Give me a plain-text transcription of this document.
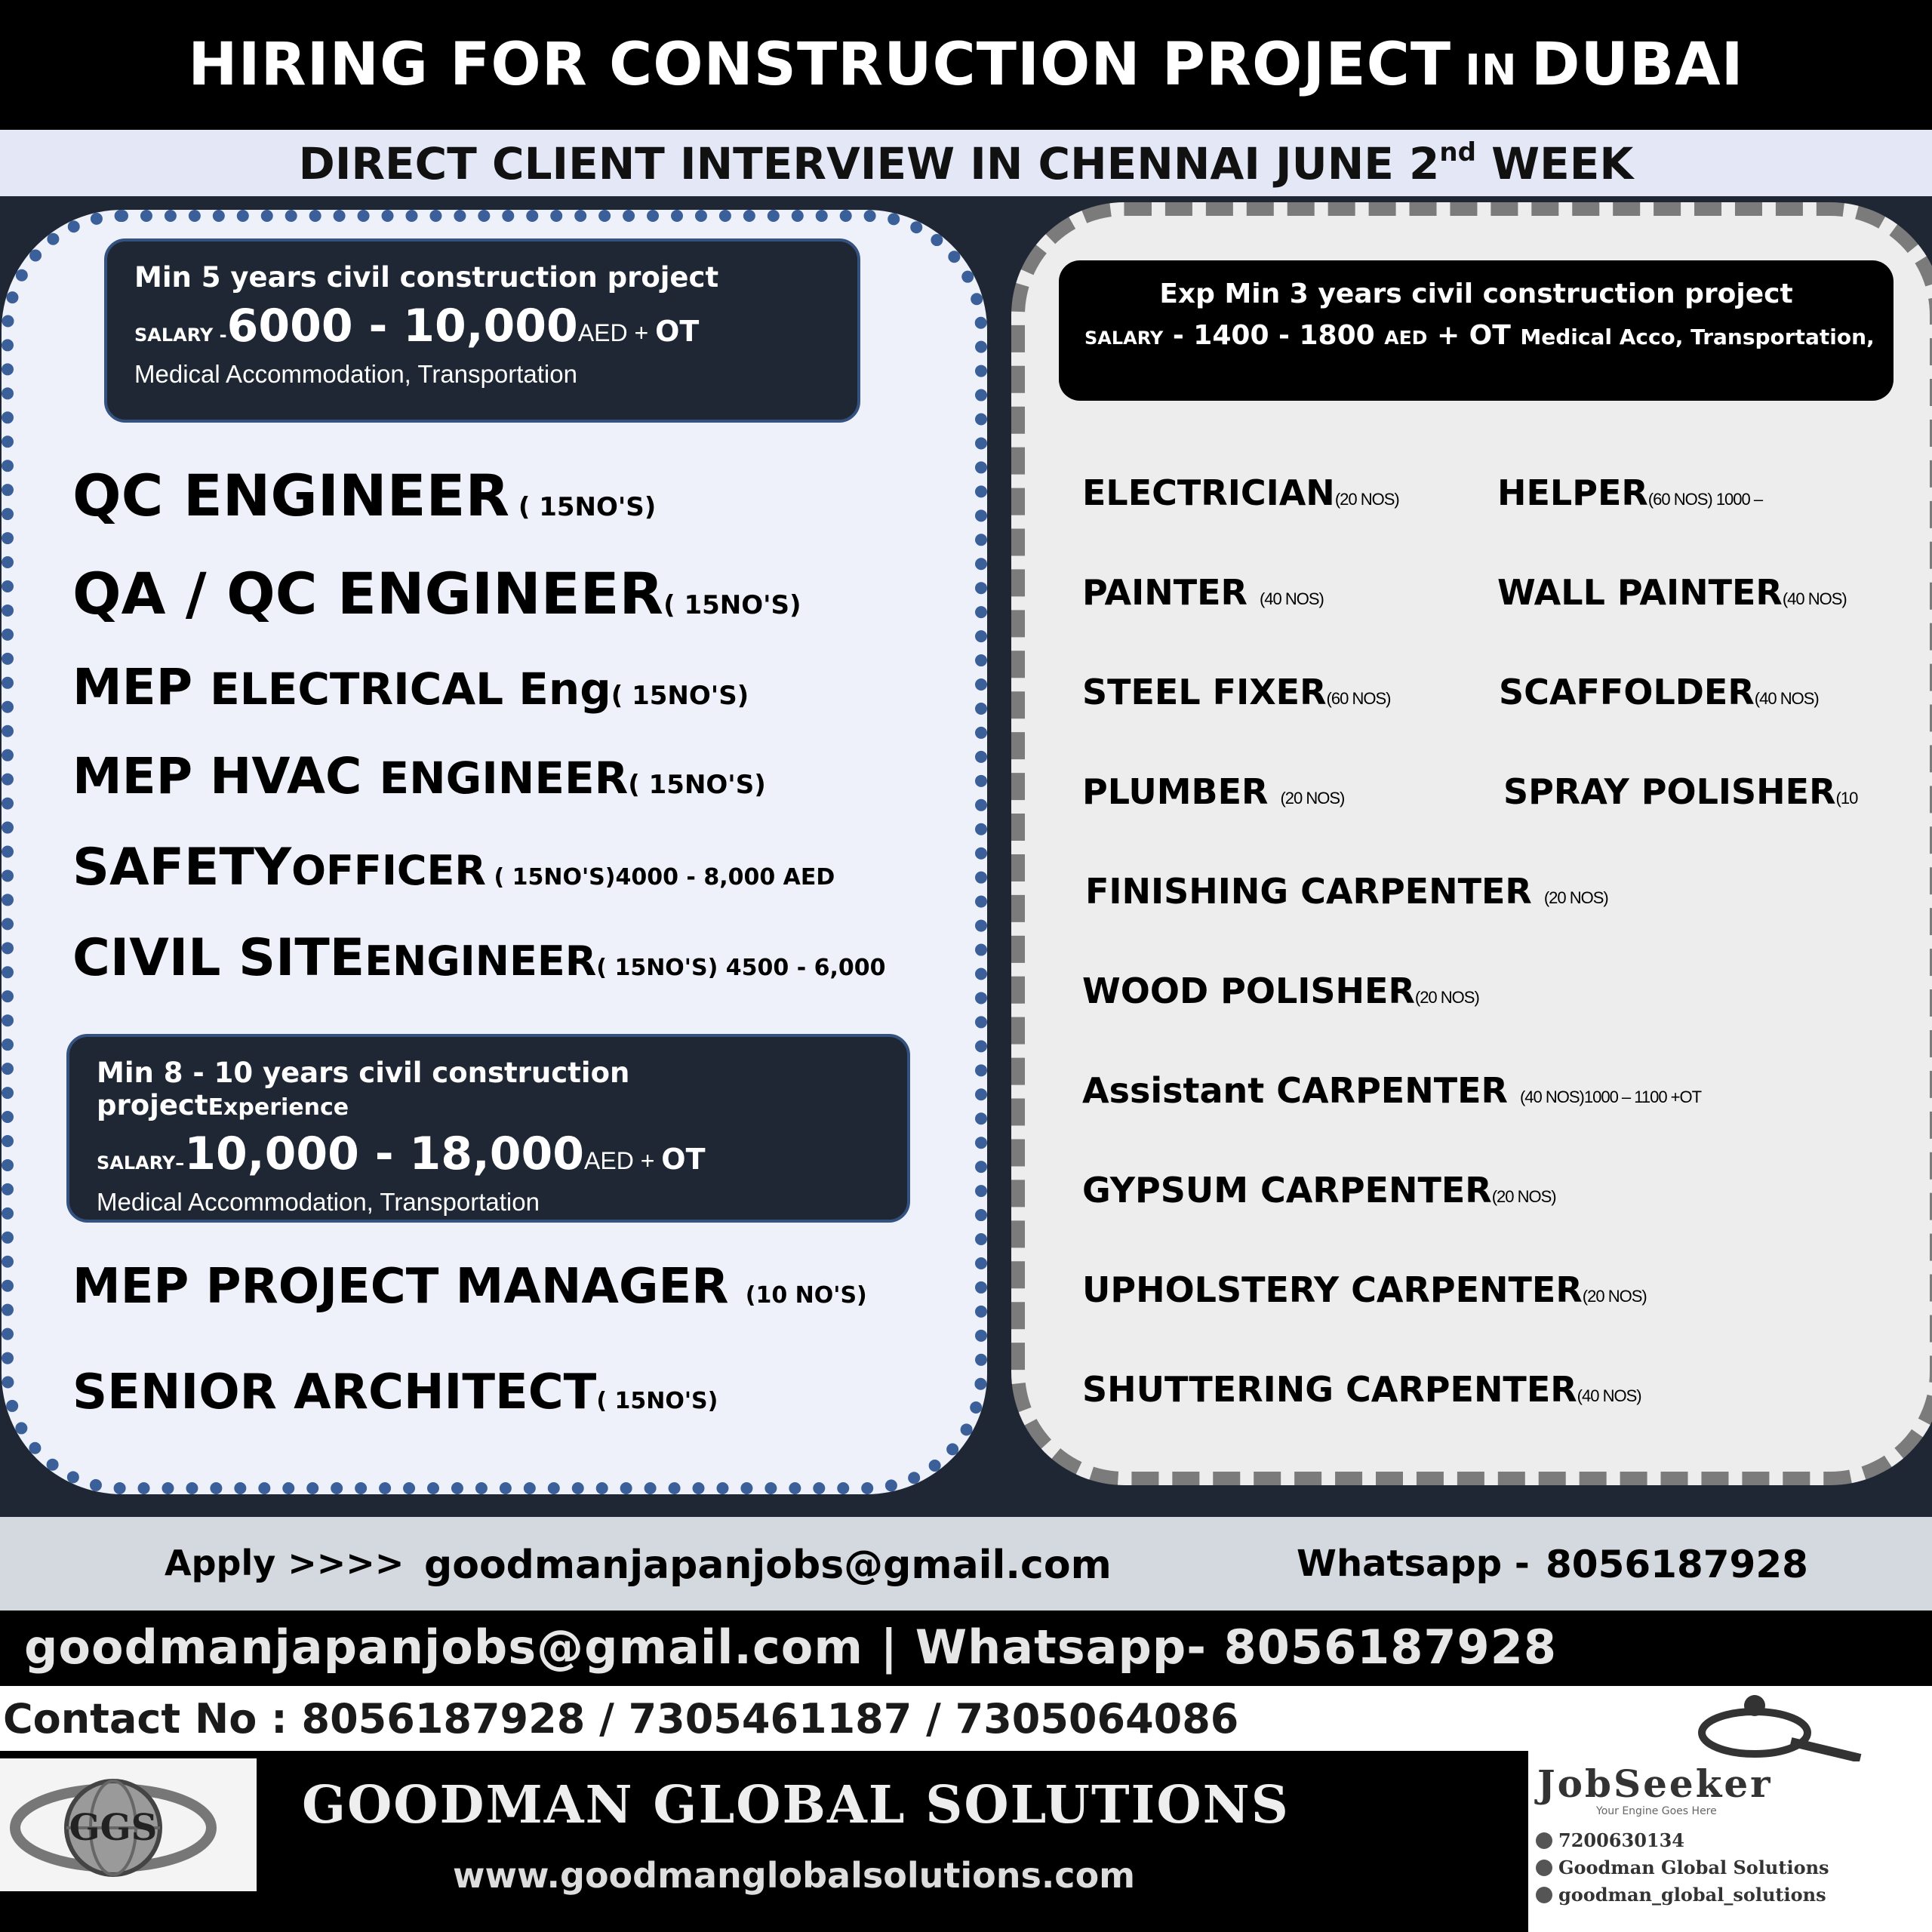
HIRING FOR CONSTRUCTION PROJECT IN DUBAI
DIRECT CLIENT INTERVIEW IN CHENNAI JUNE 2nd WEEK
Min 5 years civil construction project
SALARY -6000 - 10,000AED + OT
Medical Accommodation, Transportation
QC ENGINEER ( 15NO'S)
QA / QC ENGINEER( 15NO'S)
MEP ELECTRICAL Eng( 15NO'S)
MEP HVAC ENGINEER( 15NO'S)
SAFETYOFFICER ( 15NO'S)4000 - 8,000 AED
CIVIL SITEENGINEER( 15NO'S) 4500 - 6,000
Min 8 - 10 years civil construction projectExperience
SALARY–10,000 - 18,000AED + OT
Medical Accommodation, Transportation
MEP PROJECT MANAGER (10 NO'S)
SENIOR ARCHITECT( 15NO'S)
Exp Min 3 years civil construction project
SALARY - 1400 - 1800 AED + OT Medical Acco, Transportation,
ELECTRICIAN(20 NOS)	HELPER(60 NOS) 1000 –
PAINTER (40 NOS)	WALL PAINTER(40 NOS)
STEEL FIXER(60 NOS)	SCAFFOLDER(40 NOS)
PLUMBER (20 NOS)	SPRAY POLISHER(10
FINISHING CARPENTER (20 NOS)
WOOD POLISHER(20 NOS)
Assistant CARPENTER (40 NOS)1000 – 1100 +OT
GYPSUM CARPENTER(20 NOS)
UPHOLSTERY CARPENTER(20 NOS)
SHUTTERING CARPENTER(40 NOS)
Apply >>>> goodmanjapanjobs@gmail.com	Whatsapp - 8056187928
goodmanjapanjobs@gmail.com | Whatsapp- 8056187928
Contact No : 8056187928 / 7305461187 / 7305064086
GGS	GOODMAN GLOBAL SOLUTIONS
www.goodmanglobalsolutions.com
JobSeeker
Your Engine Goes Here
7200630134
Goodman Global Solutions
goodman_global_solutions
